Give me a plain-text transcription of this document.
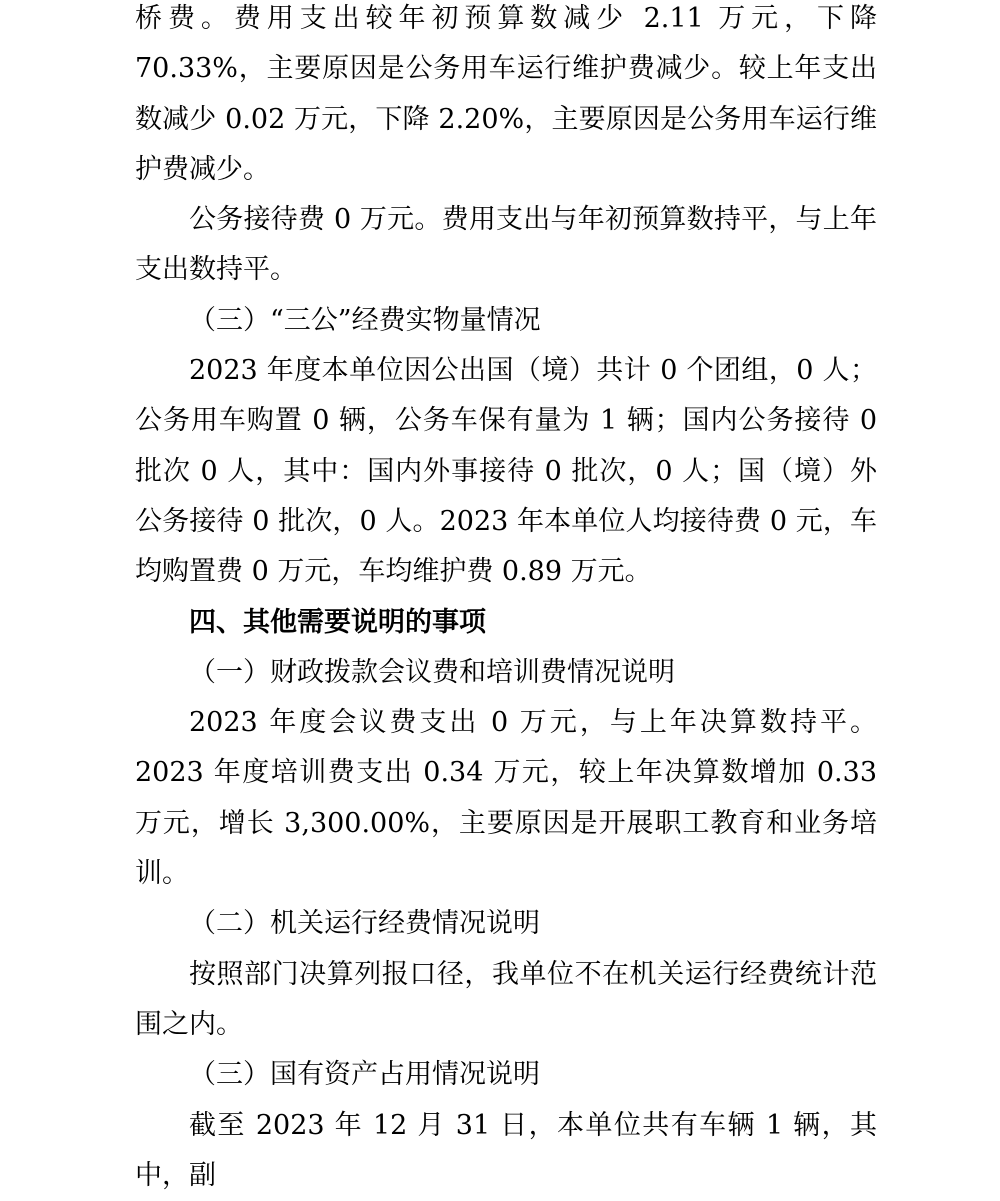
桥费。费用支出较年初预算数减少 2.11 万元，下降 70.33%，主要原因是公务用车运行维护费减少。较上年支出数减少 0.02 万元，下降 2.20%，主要原因是公务用车运行维护费减少。

公务接待费 0 万元。费用支出与年初预算数持平，与上年支出数持平。

（三）“三公”经费实物量情况

2023 年度本单位因公出国（境）共计 0 个团组，0 人；公务用车购置 0 辆，公务车保有量为 1 辆；国内公务接待 0 批次 0 人，其中：国内外事接待 0 批次，0 人；国（境）外公务接待 0 批次，0 人。2023 年本单位人均接待费 0 元，车均购置费 0 万元，车均维护费 0.89 万元。

四、其他需要说明的事项

（一）财政拨款会议费和培训费情况说明

2023 年度会议费支出 0 万元，与上年决算数持平。2023 年度培训费支出 0.34 万元，较上年决算数增加 0.33 万元，增长 3,300.00%，主要原因是开展职工教育和业务培训。

（二）机关运行经费情况说明

按照部门决算列报口径，我单位不在机关运行经费统计范围之内。

（三）国有资产占用情况说明

截至 2023 年 12 月 31 日，本单位共有车辆 1 辆，其中，副
